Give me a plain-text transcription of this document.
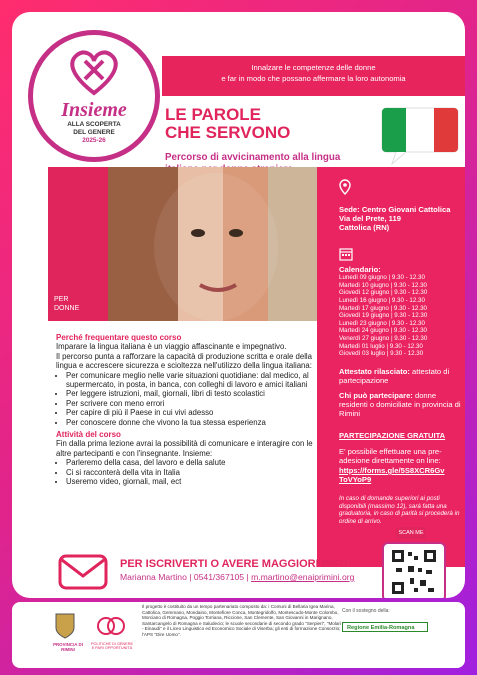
Innalzare le competenze delle donne
e far in modo che possano affermare la loro autonomia
Insieme
ALLA SCOPERTA
DEL GENERE
2025-26
LE PAROLE
CHE SERVONO
Percorso di avvicinamento alla lingua
PER
DONNE
Sede: Centro Giovani Cattolica
Via del Prete, 119
Cattolica (RN)
Calendario:
Lunedì 09 giugno | 9.30 - 12.30
Martedì 10 giugno | 9.30 - 12.30
Giovedì 12 giugno | 9.30 - 12.30
Lunedì 16 giugno | 9.30 - 12.30
Martedì 17 giugno | 9.30 - 12.30
Giovedì 19 giugno | 9.30 - 12.30
Lunedì 23 giugno | 9.30 - 12.30
Martedì 24 giugno | 9.30 - 12.30
Venerdì 27 giugno | 9.30 - 12.30
Martedì 01 luglio | 9.30 - 12.30
Giovedì 03 luglio | 9.30 - 12.30
Attestato rilasciato: attestato di partecipazione
Chi può partecipare: donne residenti o domiciliate in provincia di Rimini
PARTECIPAZIONE GRATUITA
E' possibile effettuare una pre-adesione direttamente on line:
https://forms.gle/5S8XCR6Gv ToVYoP9
In caso di domande superiori ai posti disponibili (massimo 12), sarà fatta una graduatoria, in caso di parità si procederà in ordine di arrivo.
Perché frequentare questo corso
Imparare la lingua italiana è un viaggio affascinante e impegnativo.
Il percorso punta a rafforzare la capacità di produzione scritta e orale della lingua e accrescere sicurezza e scioltezza nell'utilizzo della lingua italiana:
• Per comunicare meglio nelle varie situazioni quotidiane: dal medico, al supermercato, in posta, in banca, con colleghi di lavoro e amici italiani
• Per leggere istruzioni, mail, giornali, libri di testo scolastici
• Per scrivere con meno errori
• Per capire di più il Paese in cui vivi adesso
• Per conoscere donne che vivono la tua stessa esperienza
Attività del corso
Fin dalla prima lezione avrai la possibilità di comunicare e interagire con le altre partecipanti e con l'insegnante. Insieme:
• Parleremo della casa, del lavoro e della salute
• Ci si racconterà della vita in Italia
• Useremo video, giornali, mail, ect
PER ISCRIVERTI O AVERE MAGGIORI INFO:
Marianna Martino | 0541/367105 | m.martino@enaiprimini.org
SCAN ME
PROVINCIA DI RIMINI
POLITICHE DI GENERE E PARI OPPORTUNITÀ
Il progetto è costituito da un tempo partenariato composto da: i Comuni di Bellaria Igea Marina, Cattolica, Gemmano, Mondaino, Montefiore Conca, Montegridolfo, Montescudo-Monte Colombo, Morciano di Romagna, Poggio Torriana, Riccione, San Clemente, San Giovanni in Marignano, Santarcangelo di Romagna e Saludecio; le scuole secondarie di secondo grado "Serpieri", "Molari - Einaudi" e il Liceo Linguistico ed Economico Sociale di Viserba; gli enti di formazione Consorzio; l'APS "Dire Uomo".
Con il sostegno della:
Regione Emilia-Romagna
